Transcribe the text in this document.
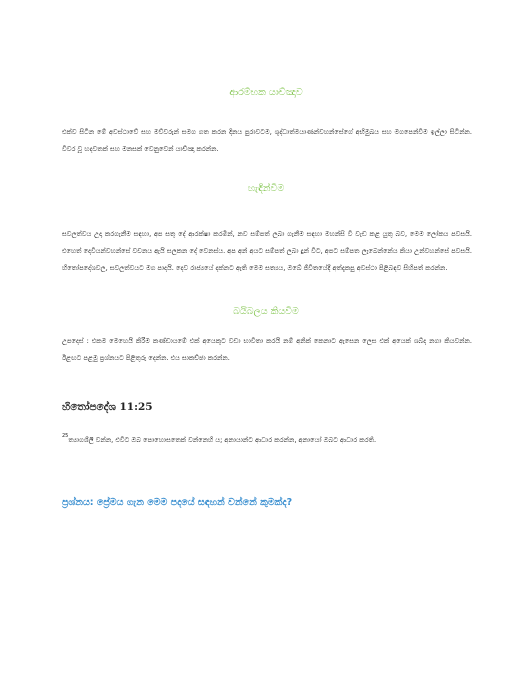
ආරම්භක යාච්ඤාව

එක්ව සිටින මේ අවස්ථාවේ සහ මව්වරුන් සමග ගත කරන දිනය පුරාවටම, ශුද්ධාත්මයාණන්වහන්සේගේ අභිමුඛය සහ මගපෙන්වීම ඉල්ලා සිටින්න. විවර වූ හදවතක් සහ මනසක් වෙනුවෙන් යාච්ඤා කරන්න.

හැඳින්වීම

සවලත්වය උදා කරගැනීම සඳහා, අප සතු දේ ආරක්ෂා කරමින්, නව සම්පත් ලබා ගැනීම සඳහා මහන්සි වී වැඩ කළ යුතු බව, මෙම ලෝකය පවසයි. එහෙත් දෙවියන්වහන්සේ වචනය ඇයි සලකන දේ වෙනස්ය. අප අන් අයට සම්පත් ලබා දුන් විට, අපට සම්පත ලැබෙන්නේය කියා උන්වහන්සේ පවසයි. හිතෝපදේශවල, සවලත්වයට මග පාදයි. දෙව රාජ්‍යයේ දක්නට ඇති මෙම සත්‍යය, ඔබේ ජීවිතයේදී අත්දැකපු අවස්ථා පිළිබඳව සිහිපත් කරන්න.

බයිබලය කියවීම

උපදෙස් : එකම මෙහෙයි කිරීම කණ්ඩායමේ එක් අයෙකුට වඩා භාවිතා කරයි නම් අනික් කෙනාට ඇසෙන ලෙස එක් අයෙක් ශබ්ද නගා කියවන්න. ඊළඟට පළමු ප්‍රශ්නයට පිළිතුරු දෙන්න. එය සාකච්ඡා කරන්න.

හිතෝපදේශ 11:25

$^{25}$ත්‍යාගශීලී වන්න, එවිට ඔබ පොහොසතෙක් වන්නෙහි ය; අනායාන්ට ආධාර කරන්න, අනායෝ ඔබට ආධාර කරති.

ප්‍රශ්නය: ප්‍රේමය ගැන මෙම පදයේ සඳහන් වන්නේ කුමක්ද?
